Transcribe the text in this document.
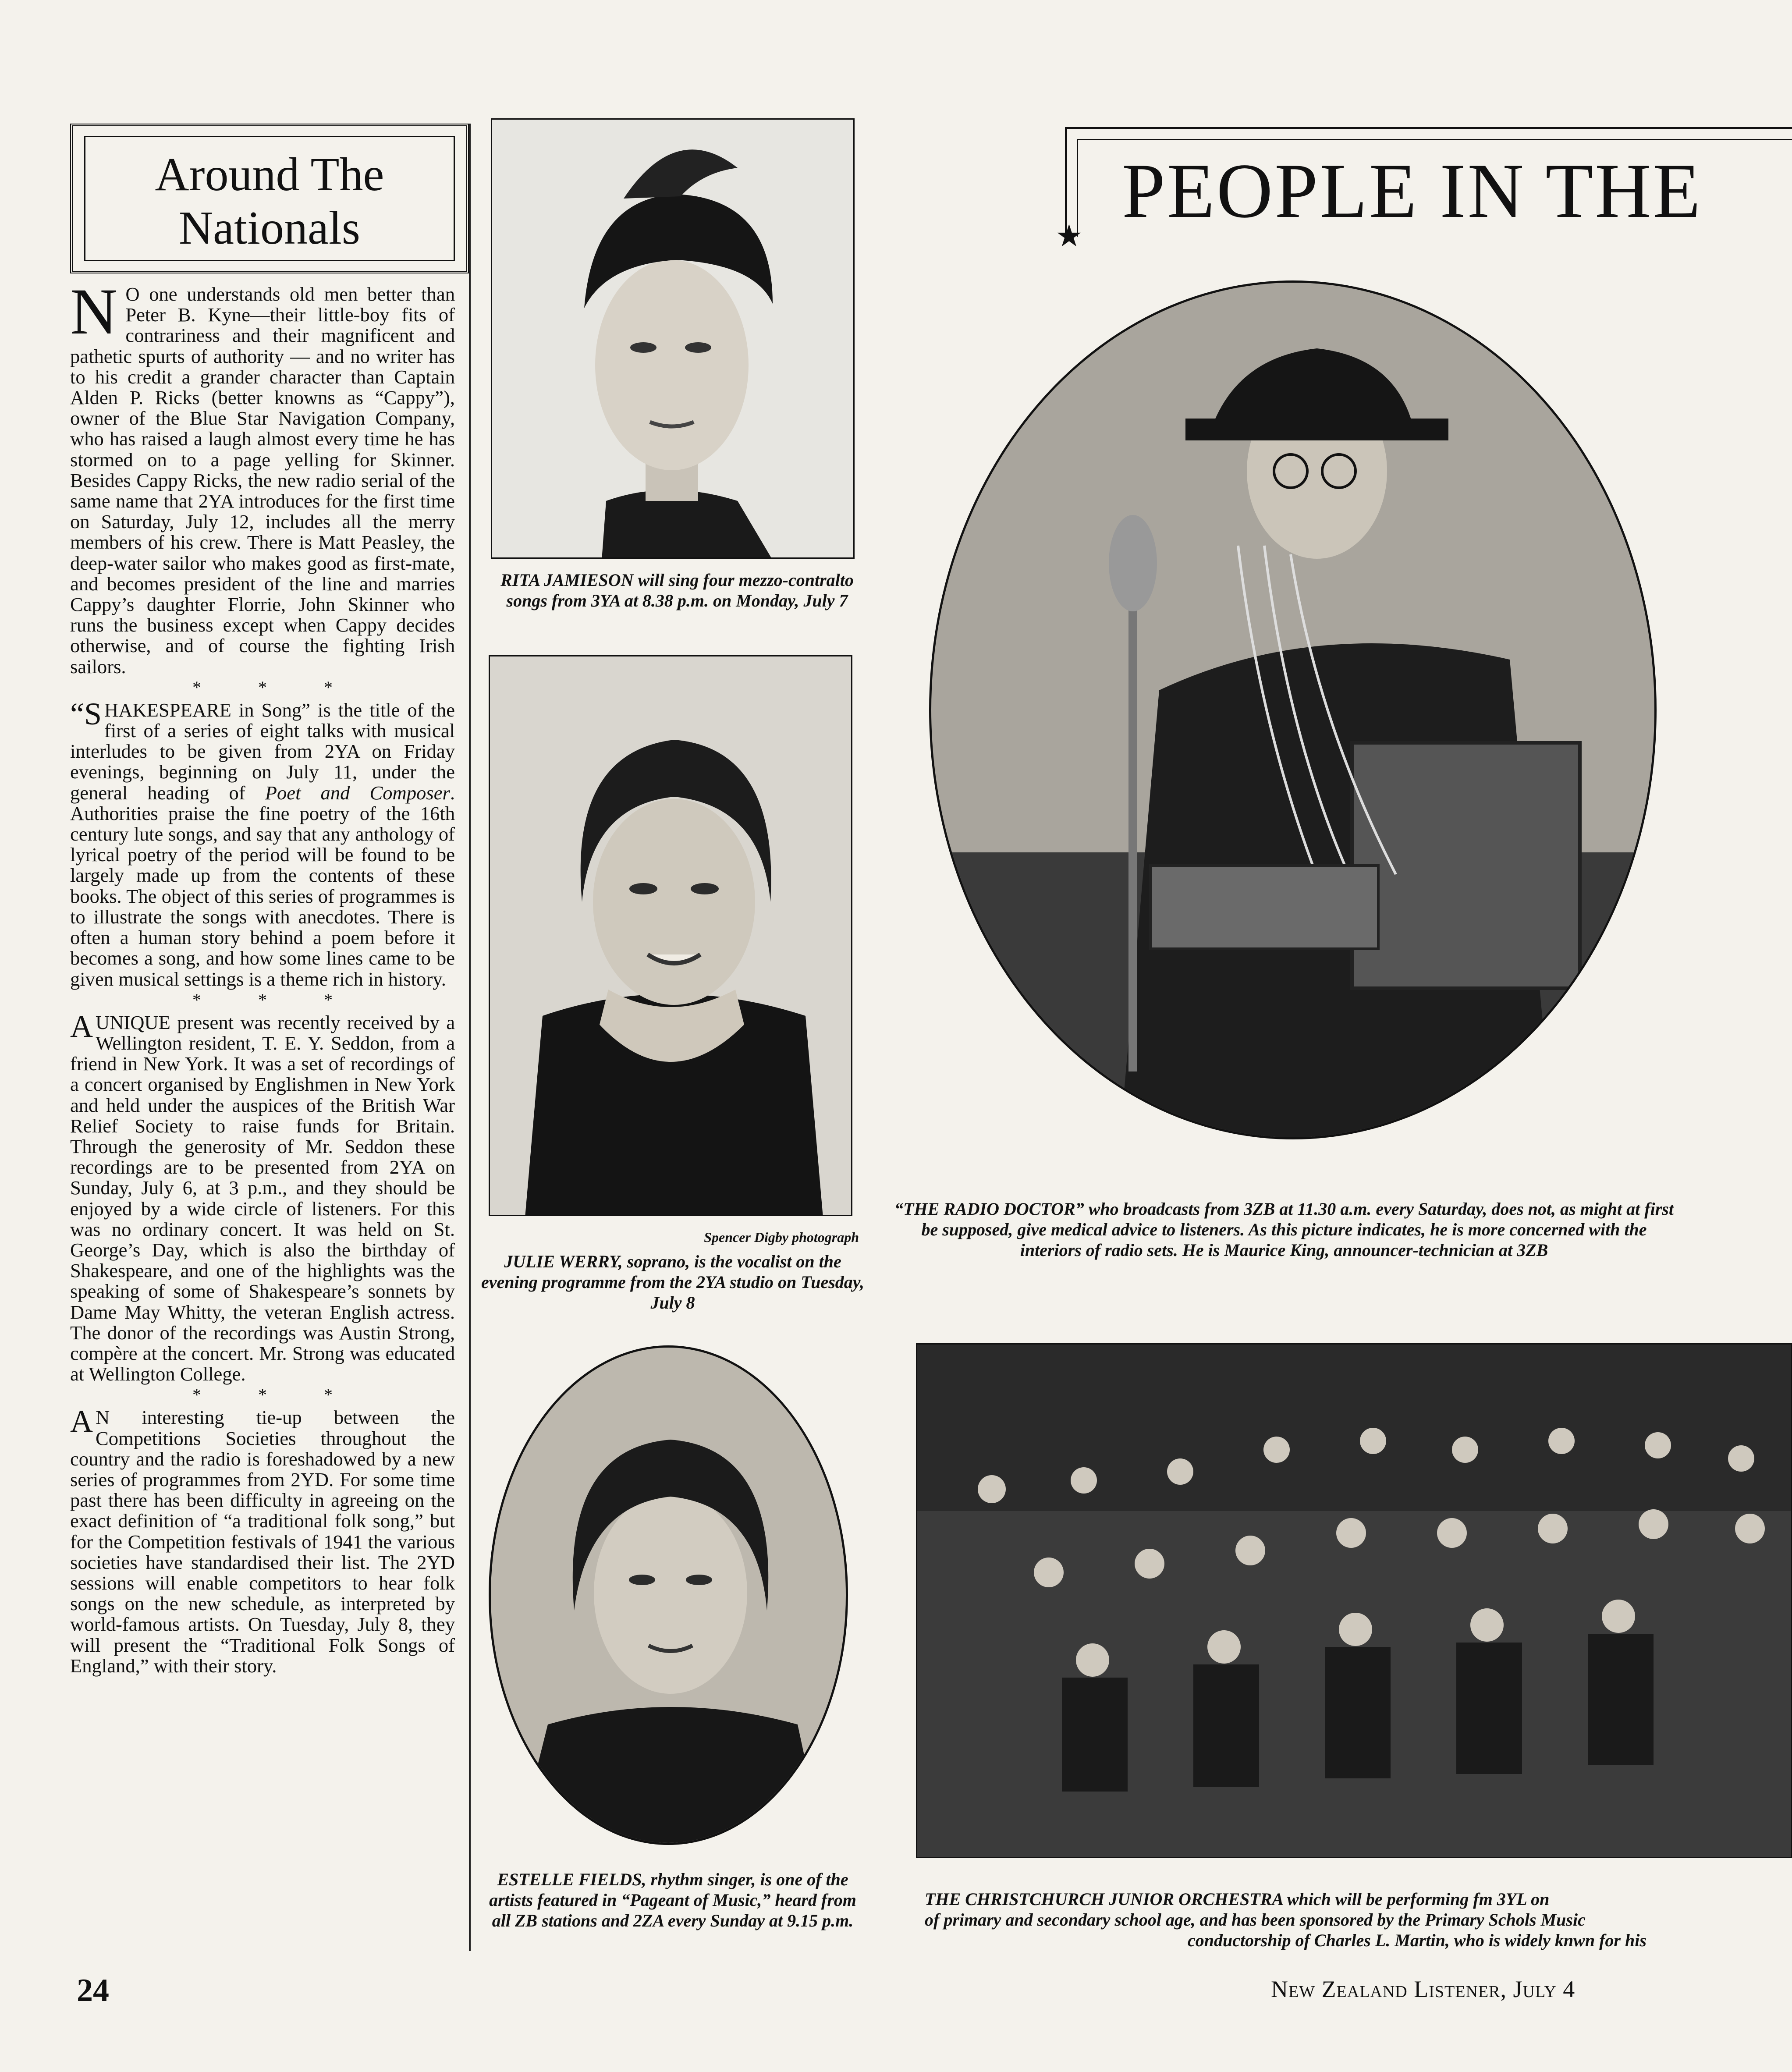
Around The
Nationals

N O one understands old men better than Peter B. Kyne—their little-boy fits of contrariness and their magnificent and pathetic spurts of authority — and no writer has to his credit a grander character than Captain Alden P. Ricks (better knowns as “Cappy”), owner of the Blue Star Navigation Company, who has raised a laugh almost every time he has stormed on to a page yelling for Skinner. Besides Cappy Ricks, the new radio serial of the same name that 2YA introduces for the first time on Saturday, July 12, includes all the merry members of his crew. There is Matt Peasley, the deep-water sailor who makes good as first-mate, and becomes president of the line and marries Cappy’s daughter Florrie, John Skinner who runs the business except when Cappy decides otherwise, and of course the fighting Irish sailors.

* * *

“SHAKESPEARE in Song” is the title of the first of a series of eight talks with musical interludes to be given from 2YA on Friday evenings, beginning on July 11, under the general heading of Poet and Composer. Authorities praise the fine poetry of the 16th century lute songs, and say that any anthology of lyrical poetry of the period will be found to be largely made up from the contents of these books. The object of this series of programmes is to illustrate the songs with anecdotes. There is often a human story behind a poem before it becomes a song, and how some lines came to be given musical settings is a theme rich in history.

* * *

AUNIQUE present was recently received by a Wellington resident, T. E. Y. Seddon, from a friend in New York. It was a set of recordings of a concert organised by Englishmen in New York and held under the auspices of the British War Relief Society to raise funds for Britain. Through the generosity of Mr. Seddon these recordings are to be presented from 2YA on Sunday, July 6, at 3 p.m., and they should be enjoyed by a wide circle of listeners. For this was no ordinary concert. It was held on St. George’s Day, which is also the birthday of Shakespeare, and one of the highlights was the speaking of some of Shakespeare’s sonnets by Dame May Whitty, the veteran English actress. The donor of the recordings was Austin Strong, compère at the concert. Mr. Strong was educated at Wellington College.

* * *

A N interesting tie-up between the Competitions Societies throughout the country and the radio is foreshadowed by a new series of programmes from 2YD. For some time past there has been difficulty in agreeing on the exact definition of “a traditional folk song,” but for the Competition festivals of 1941 the various societies have standardised their list. The 2YD sessions will enable competitors to hear folk songs on the new schedule, as interpreted by world-famous artists. On Tuesday, July 8, they will present the “Traditional Folk Songs of England,” with their story.

RITA JAMIESON will sing four mezzo-contralto songs from 3YA at 8.38 p.m. on Monday, July 7
Spencer Digby photograph
JULIE WERRY, soprano, is the vocalist on the evening programme from the 2YA studio on Tuesday, July 8
ESTELLE FIELDS, rhythm singer, is one of the artists featured in “Pageant of Music,” heard from all ZB stations and 2ZA every Sunday at 9.15 p.m.
PEOPLE IN THE
★
“THE RADIO DOCTOR” who broadcasts from 3ZB at 11.30 a.m. every Saturday, does not, as might at first be supposed, give medical advice to listeners. As this picture indicates, he is more concerned with the interiors of radio sets. He is Maurice King, announcer-technician at 3ZB
THE CHRISTCHURCH JUNIOR ORCHESTRA which will be performing fm 3YL on
of primary and secondary school age, and has been sponsored by the Primary Schols Music
conductorship of Charles L. Martin, who is widely knwn for his
24	New Zealand Listener, July 4
